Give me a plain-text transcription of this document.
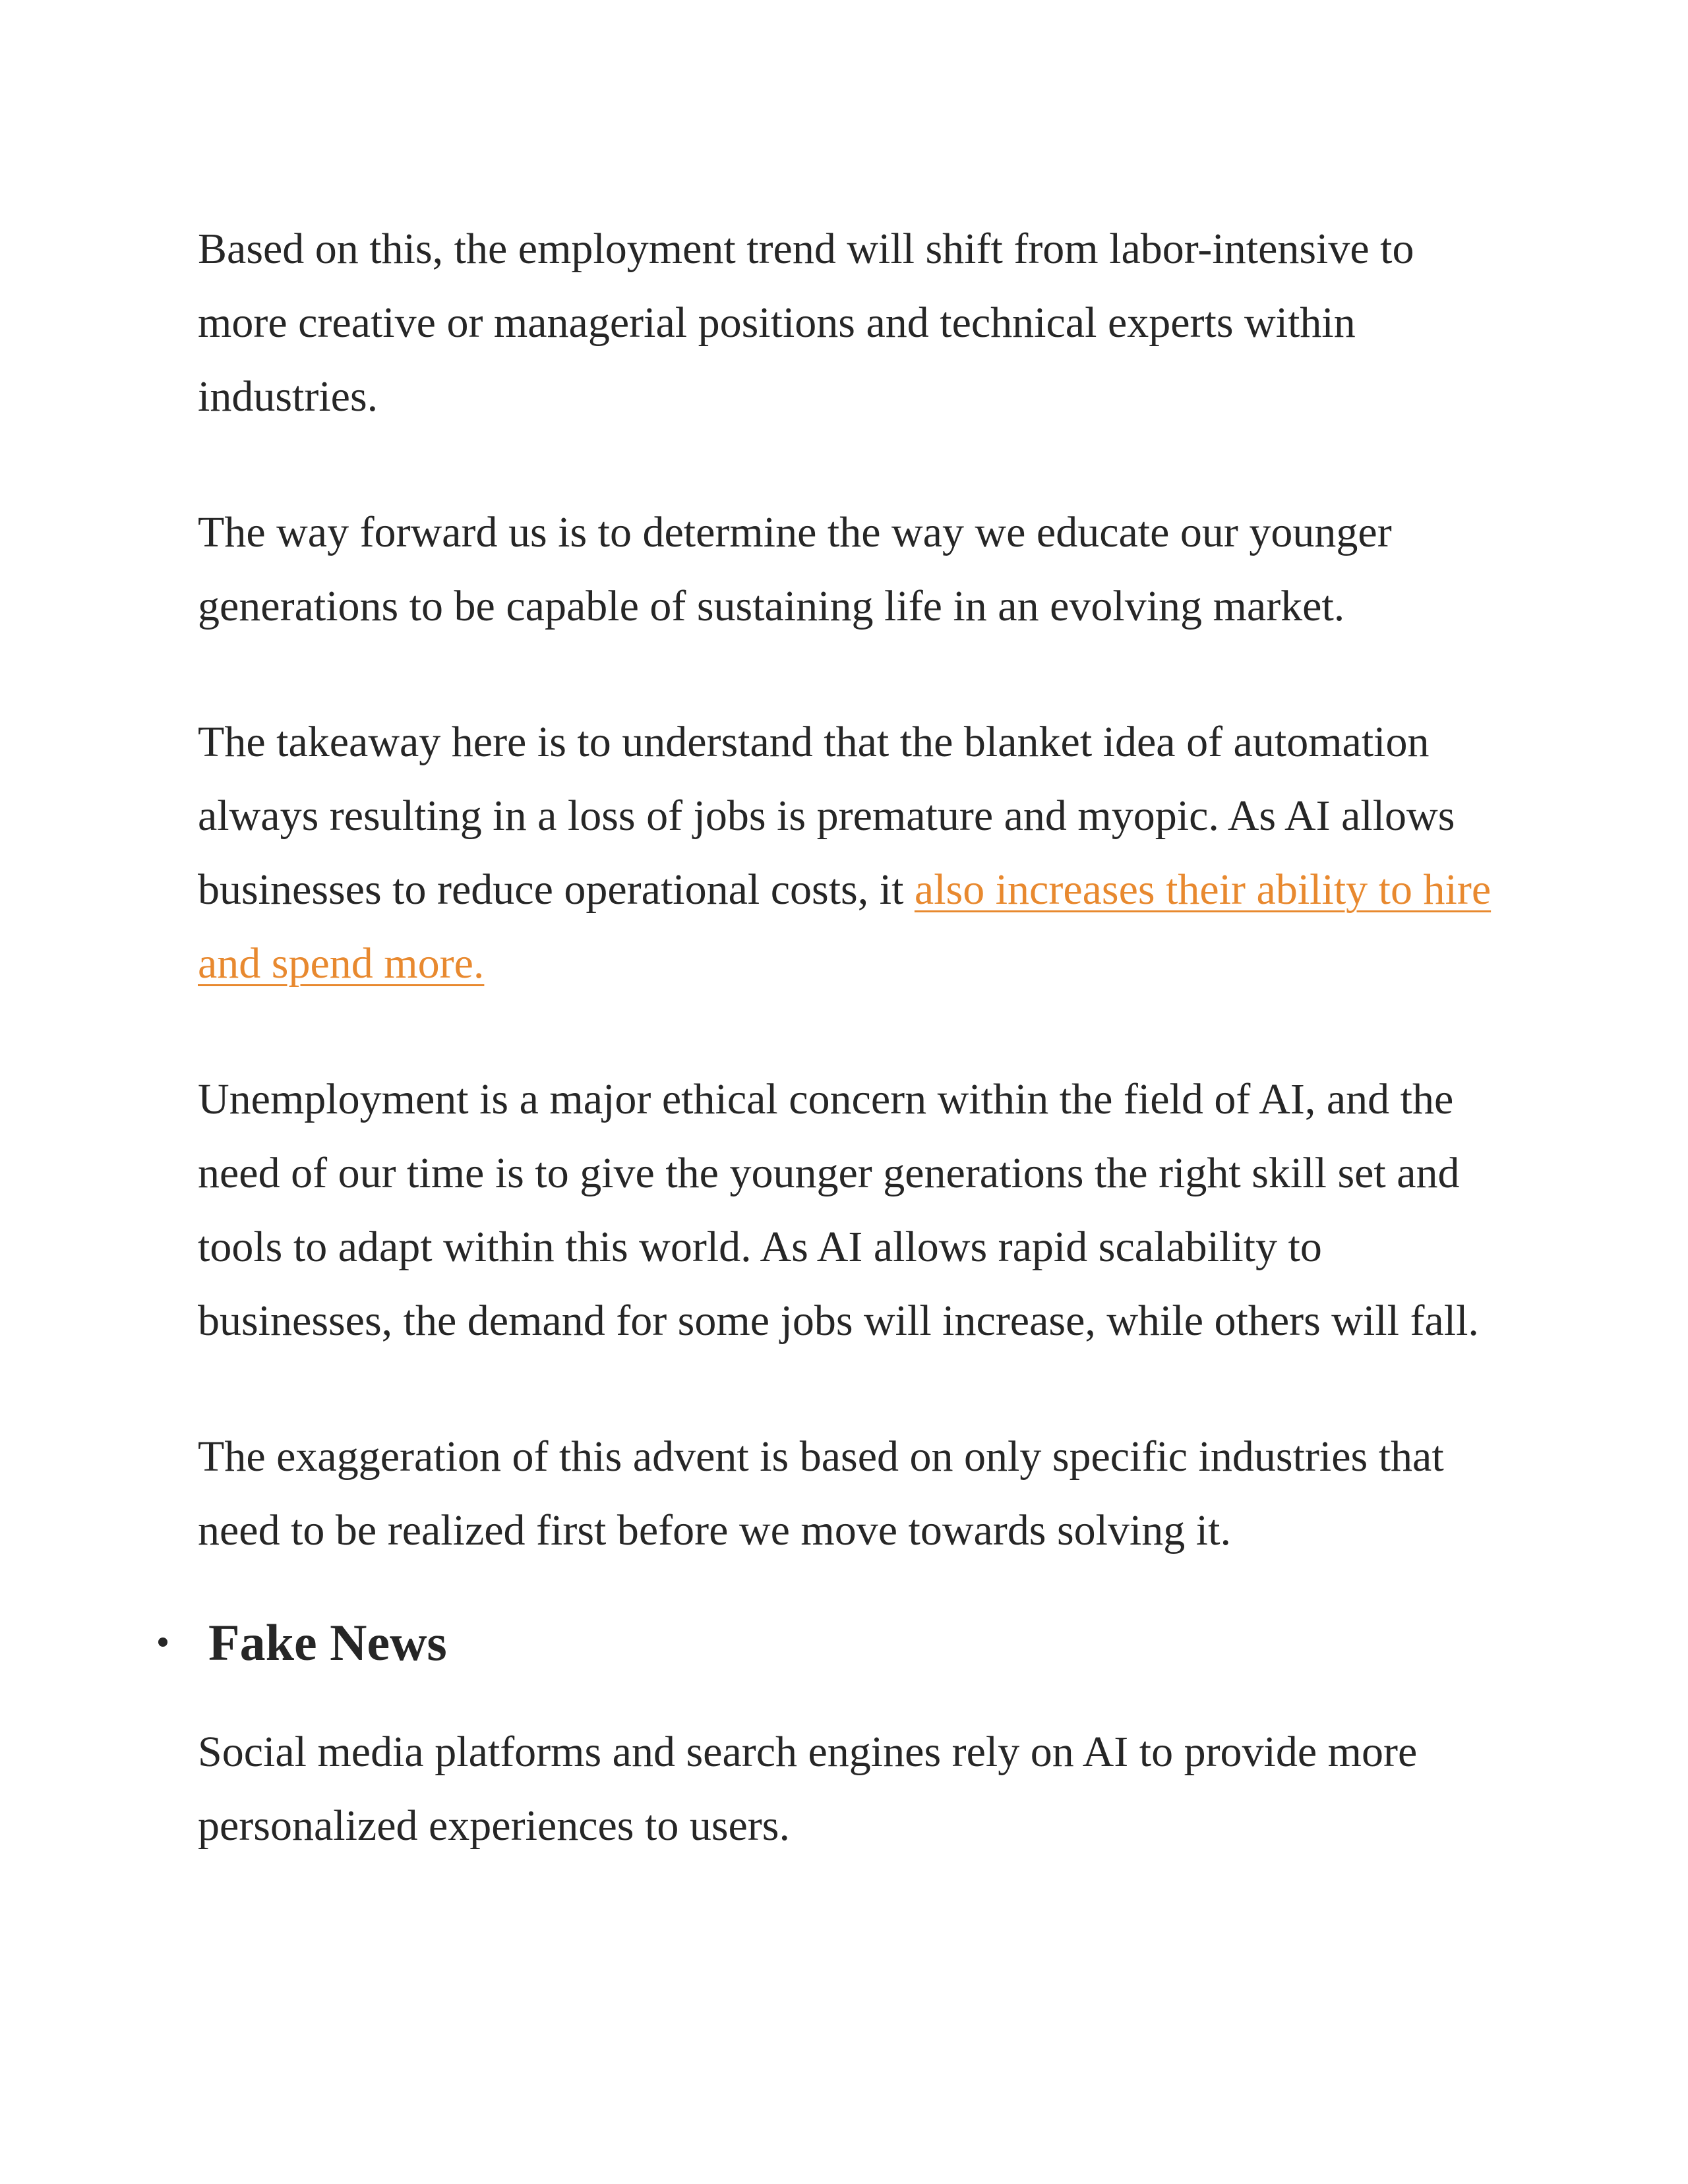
Based on this, the employment trend will shift from labor-intensive to more creative or managerial positions and technical experts within industries.

The way forward us is to determine the way we educate our younger generations to be capable of sustaining life in an evolving market.

The takeaway here is to understand that the blanket idea of automation always resulting in a loss of jobs is premature and myopic. As AI allows businesses to reduce operational costs, it also increases their ability to hire and spend more.

Unemployment is a major ethical concern within the field of AI, and the need of our time is to give the younger generations the right skill set and tools to adapt within this world. As AI allows rapid scalability to businesses, the demand for some jobs will increase, while others will fall.

The exaggeration of this advent is based on only specific industries that need to be realized first before we move towards solving it.

Fake News

Social media platforms and search engines rely on AI to provide more personalized experiences to users.
